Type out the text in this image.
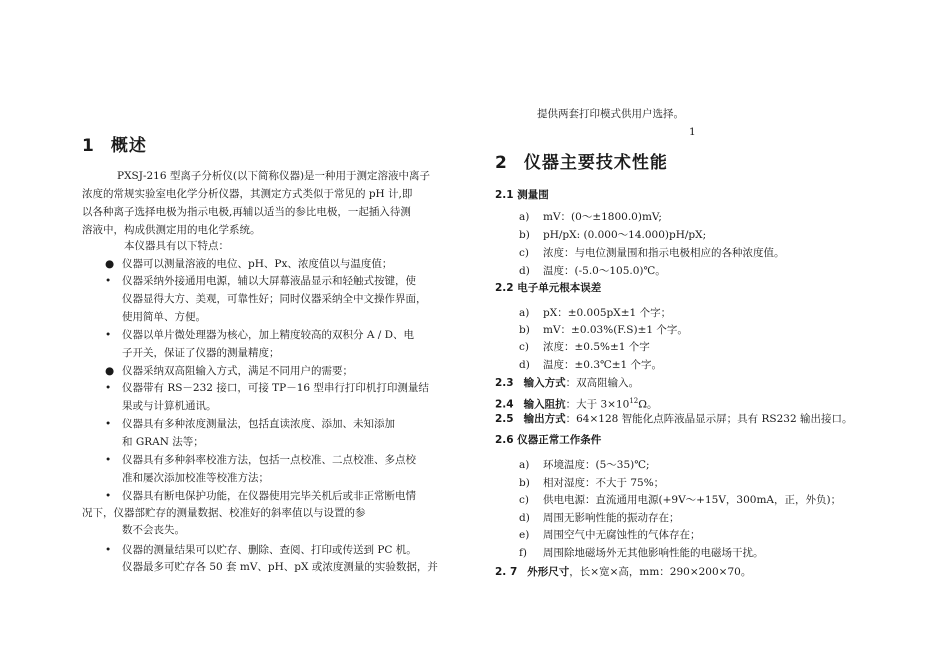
1 概述
PXSJ-216 型离子分析仪(以下简称仪器)是一种用于测定溶液中离子
浓度的常规实验室电化学分析仪器，其测定方式类似于常见的 pH 计,即
以各种离子选择电极为指示电极,再辅以适当的参比电极，一起插入待测
溶液中，构成供测定用的电化学系统。
本仪器具有以下特点：
● 仪器可以测量溶液的电位、pH、Px、浓度值以与温度值；
• 仪器采纳外接通用电源，辅以大屏幕液晶显示和轻触式按键，使
仪器显得大方、美观，可靠性好；同时仪器采纳全中文操作界面，
使用简单、方便。
• 仪器以单片微处理器为核心，加上精度较高的双积分 A / D、电
子开关，保证了仪器的测量精度；
● 仪器采纳双高阻输入方式，满足不同用户的需要；
• 仪器带有 RS－232 接口，可接 TP－16 型串行打印机打印测量结
果或与计算机通讯。
• 仪器具有多种浓度测量法，包括直读浓度、添加、未知添加
和 GRAN 法等；
• 仪器具有多种斜率校准方法，包括一点校准、二点校准、多点校
准和屡次添加校准等校准方法；
• 仪器具有断电保护功能，在仪器使用完毕关机后或非正常断电情
况下，仪器部贮存的测量数据、校准好的斜率值以与设置的参
数不会丧失。
• 仪器的测量结果可以贮存、删除、查阅、打印或传送到 PC 机。
仪器最多可贮存各 50 套 mV、pH、pX 或浓度测量的实验数据，并
提供两套打印模式供用户选择。
1
2 仪器主要技术性能
2.1 测量围
a) mV：(0～±1800.0)mV;
b) pH/pX: (0.000～14.000)pH/pX;
c) 浓度：与电位测量围和指示电极相应的各种浓度值。
d) 温度：(-5.0～105.0)℃。
2.2 电子单元根本误差
a) pX：±0.005pX±1 个字；
b) mV：±0.03%(F.S)±1 个字。
c) 浓度：±0.5%±1 个字
d) 温度：±0.3℃±1 个字。
2.3 输入方式：双高阻输入。
2.4 输入阻抗：大于 $3\times 10^{12}\Omega$。
2.5 输出方式：64×128 智能化点阵液晶显示屏；具有 RS232 输出接口。
2.6 仪器正常工作条件
a) 环境温度：(5～35)℃;
b) 相对湿度：不大于 75%；
c) 供电电源：直流通用电源(+9V～+15V，300mA，正，外负)；
d) 周围无影响性能的振动存在；
e) 周围空气中无腐蚀性的气体存在；
f) 周围除地磁场外无其他影响性能的电磁场干扰。
2. 7 外形尺寸，长×宽×高，mm：290×200×70。
